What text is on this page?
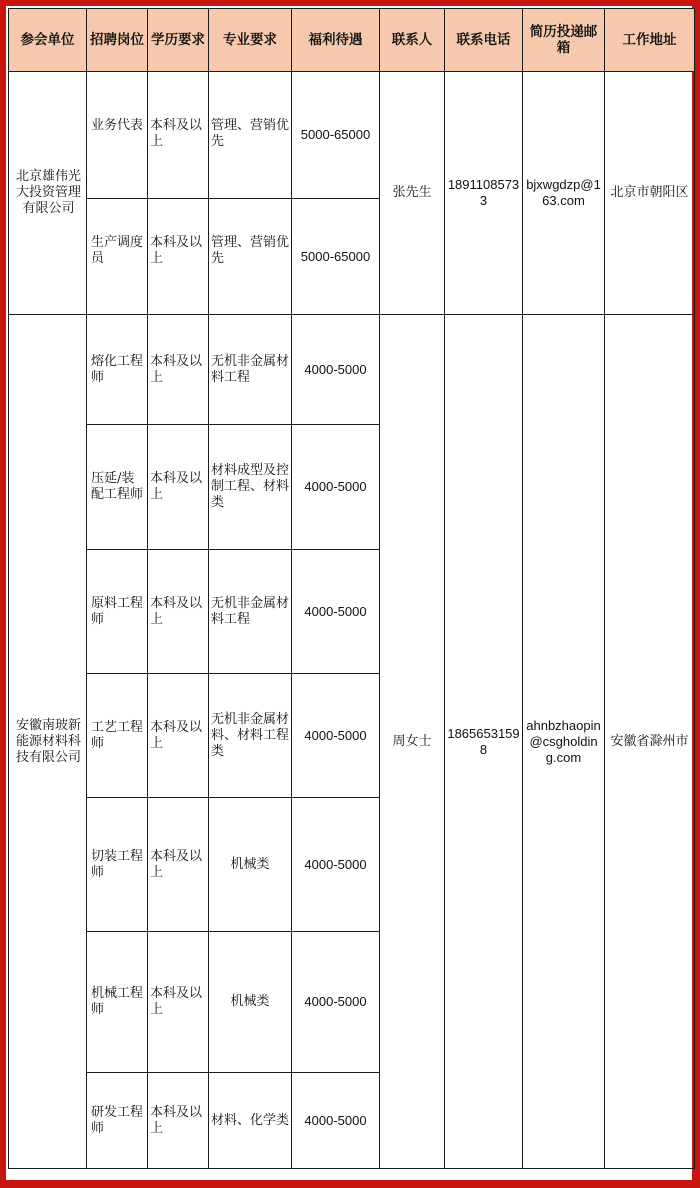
参会单位	招聘岗位	学历要求	专业要求	福利待遇	联系人	联系电话	简历投递邮箱	工作地址
北京雄伟光大投资管理有限公司	业务代表	本科及以上	管理、营销优先	5000-65000	张先生	18911085733	bjxwgdzp@163.com	北京市朝阳区
	生产调度员	本科及以上	管理、营销优先	5000-65000				
安徽南玻新能源材料科技有限公司	熔化工程师	本科及以上	无机非金属材料工程	4000-5000	周女士	18656531598	ahnbzhaopin@csgholding.com	安徽省滁州市
	压延/装配工程师	本科及以上	材料成型及控制工程、材料类	4000-5000				
	原料工程师	本科及以上	无机非金属材料工程	4000-5000				
	工艺工程师	本科及以上	无机非金属材料、材料工程类	4000-5000				
	切装工程师	本科及以上	机械类	4000-5000				
	机械工程师	本科及以上	机械类	4000-5000				
	研发工程师	本科及以上	材料、化学类	4000-5000				
